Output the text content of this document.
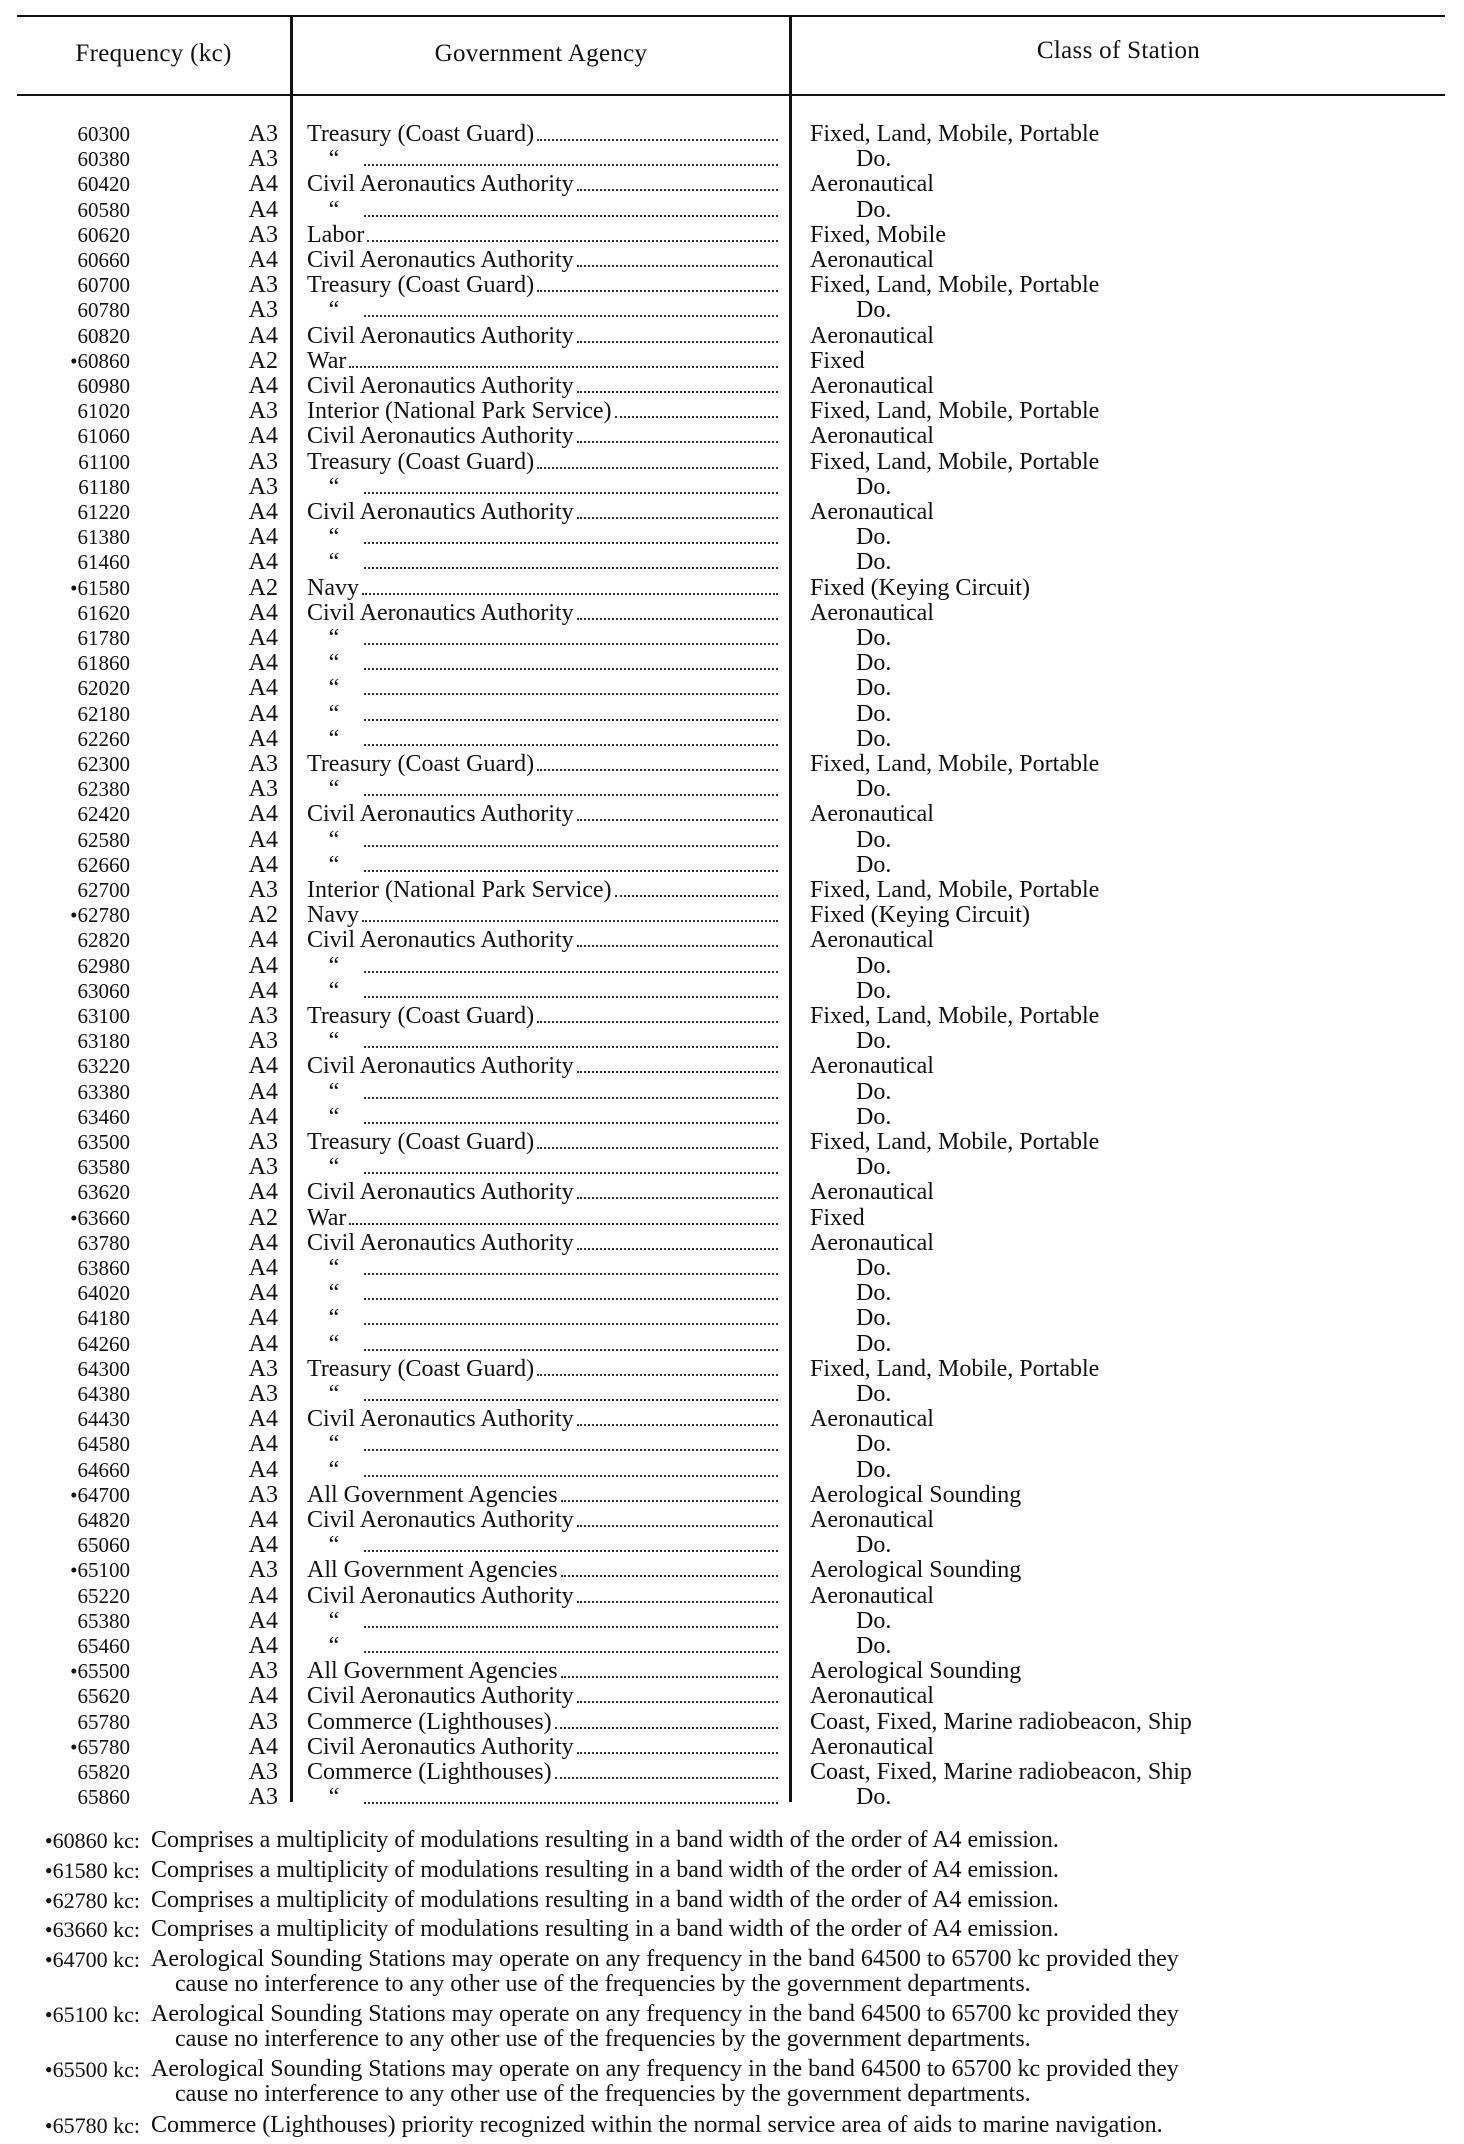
Frequency (kc)	Government Agency	Class of Station
60300	A3 Treasury (Coast Guard)	Fixed, Land, Mobile, Portable
60380	A3	“	Do.
60420	A4 Civil Aeronautics Authority	Aeronautical
60580	A4	“	Do.
60620	A3 Labor	Fixed, Mobile
60660	A4 Civil Aeronautics Authority	Aeronautical
60700	A3 Treasury (Coast Guard)	Fixed, Land, Mobile, Portable
60780	A3	“	Do.
60820	A4 Civil Aeronautics Authority	Aeronautical
•60860	A2 War	Fixed
60980	A4 Civil Aeronautics Authority	Aeronautical
61020	A3 Interior (National Park Service)	Fixed, Land, Mobile, Portable
61060	A4 Civil Aeronautics Authority	Aeronautical
61100	A3 Treasury (Coast Guard)	Fixed, Land, Mobile, Portable
61180	A3	“	Do.
61220	A4 Civil Aeronautics Authority	Aeronautical
61380	A4	“	Do.
61460	A4	“	Do.
•61580	A2 Navy	Fixed (Keying Circuit)
61620	A4 Civil Aeronautics Authority	Aeronautical
61780	A4	“	Do.
61860	A4	“	Do.
62020	A4	“	Do.
62180	A4	“	Do.
62260	A4	“	Do.
62300	A3 Treasury (Coast Guard)	Fixed, Land, Mobile, Portable
62380	A3	“	Do.
62420	A4 Civil Aeronautics Authority	Aeronautical
62580	A4	“	Do.
62660	A4	“	Do.
62700	A3 Interior (National Park Service)	Fixed, Land, Mobile, Portable
•62780	A2 Navy	Fixed (Keying Circuit)
62820	A4 Civil Aeronautics Authority	Aeronautical
62980	A4	“	Do.
63060	A4	“	Do.
63100	A3 Treasury (Coast Guard)	Fixed, Land, Mobile, Portable
63180	A3	“	Do.
63220	A4 Civil Aeronautics Authority	Aeronautical
63380	A4	“	Do.
63460	A4	“	Do.
63500	A3 Treasury (Coast Guard)	Fixed, Land, Mobile, Portable
63580	A3	“	Do.
63620	A4 Civil Aeronautics Authority	Aeronautical
•63660	A2 War	Fixed
63780	A4 Civil Aeronautics Authority	Aeronautical
63860	A4	“	Do.
64020	A4	“	Do.
64180	A4	“	Do.
64260	A4	“	Do.
64300	A3 Treasury (Coast Guard)	Fixed, Land, Mobile, Portable
64380	A3	“	Do.
64430	A4 Civil Aeronautics Authority	Aeronautical
64580	A4	“	Do.
64660	A4	“	Do.
•64700	A3 All Government Agencies	Aerological Sounding
64820	A4 Civil Aeronautics Authority	Aeronautical
65060	A4	“	Do.
•65100	A3 All Government Agencies	Aerological Sounding
65220	A4 Civil Aeronautics Authority	Aeronautical
65380	A4	“	Do.
65460	A4	“	Do.
•65500	A3 All Government Agencies	Aerological Sounding
65620	A4 Civil Aeronautics Authority	Aeronautical
65780	A3 Commerce (Lighthouses)	Coast, Fixed, Marine radiobeacon, Ship
•65780	A4 Civil Aeronautics Authority	Aeronautical
65820	A3 Commerce (Lighthouses)	Coast, Fixed, Marine radiobeacon, Ship
65860	A3	“	Do.
•60860 kc: Comprises a multiplicity of modulations resulting in a band width of the order of A4 emission.
•61580 kc: Comprises a multiplicity of modulations resulting in a band width of the order of A4 emission.
•62780 kc: Comprises a multiplicity of modulations resulting in a band width of the order of A4 emission.
•63660 kc: Comprises a multiplicity of modulations resulting in a band width of the order of A4 emission.
•64700 kc: Aerological Sounding Stations may operate on any frequency in the band 64500 to 65700 kc provided they
cause no interference to any other use of the frequencies by the government departments.
•65100 kc: Aerological Sounding Stations may operate on any frequency in the band 64500 to 65700 kc provided they
cause no interference to any other use of the frequencies by the government departments.
•65500 kc: Aerological Sounding Stations may operate on any frequency in the band 64500 to 65700 kc provided they
cause no interference to any other use of the frequencies by the government departments.
•65780 kc: Commerce (Lighthouses) priority recognized within the normal service area of aids to marine navigation.
